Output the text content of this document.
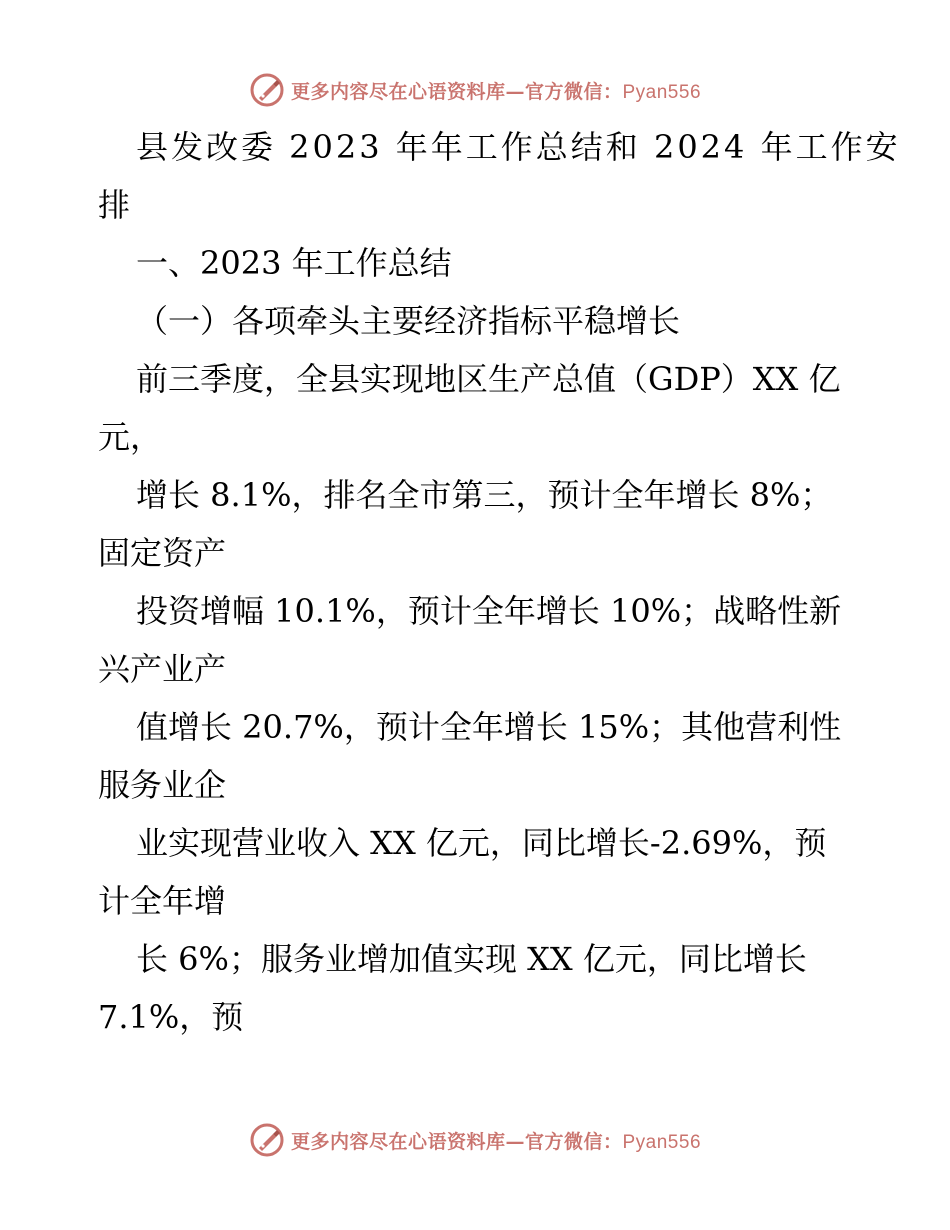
更多内容尽在心语资料库—官方微信：Pyan556
县发改委 2023 年年工作总结和 2024 年工作安
排
一、2023 年工作总结
（一）各项牵头主要经济指标平稳增长
前三季度，全县实现地区生产总值（GDP）XX 亿
元，
增长 8.1%，排名全市第三，预计全年增长 8%；
固定资产
投资增幅 10.1%，预计全年增长 10%；战略性新
兴产业产
值增长 20.7%，预计全年增长 15%；其他营利性
服务业企
业实现营业收入 XX 亿元，同比增长-2.69%，预
计全年增
长 6%；服务业增加值实现 XX 亿元，同比增长
7.1%，预
更多内容尽在心语资料库—官方微信：Pyan556
